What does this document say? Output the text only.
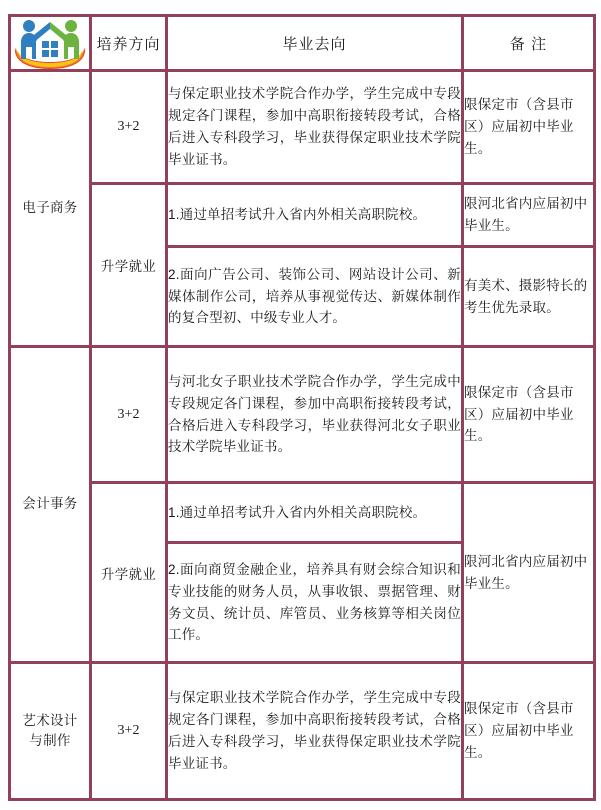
	培养方向	毕业去向	备 注
电子商务	3+2	与保定职业技术学院合作办学，学生完成中专段规定各门课程，参加中高职衔接转段考试，合格后进入专科段学习，毕业获得保定职业技术学院毕业证书。	限保定市（含县市区）应届初中毕业生。
	升学就业	1.通过单招考试升入省内外相关高职院校。	限河北省内应届初中毕业生。
		2.面向广告公司、装饰公司、网站设计公司、新媒体制作公司，培养从事视觉传达、新媒体制作的复合型初、中级专业人才。	有美术、摄影特长的考生优先录取。
会计事务	3+2	与河北女子职业技术学院合作办学，学生完成中专段规定各门课程，参加中高职衔接转段考试，合格后进入专科段学习，毕业获得河北女子职业技术学院毕业证书。	限保定市（含县市区）应届初中毕业生。
	升学就业	1.通过单招考试升入省内外相关高职院校。	限河北省内应届初中毕业生。
		2.面向商贸金融企业，培养具有财会综合知识和专业技能的财务人员，从事收银、票据管理、财务文员、统计员、库管员、业务核算等相关岗位工作。	
艺术设计
与制作	3+2	与保定职业技术学院合作办学，学生完成中专段规定各门课程，参加中高职衔接转段考试，合格后进入专科段学习，毕业获得保定职业技术学院毕业证书。	限保定市（含县市区）应届初中毕业生。
